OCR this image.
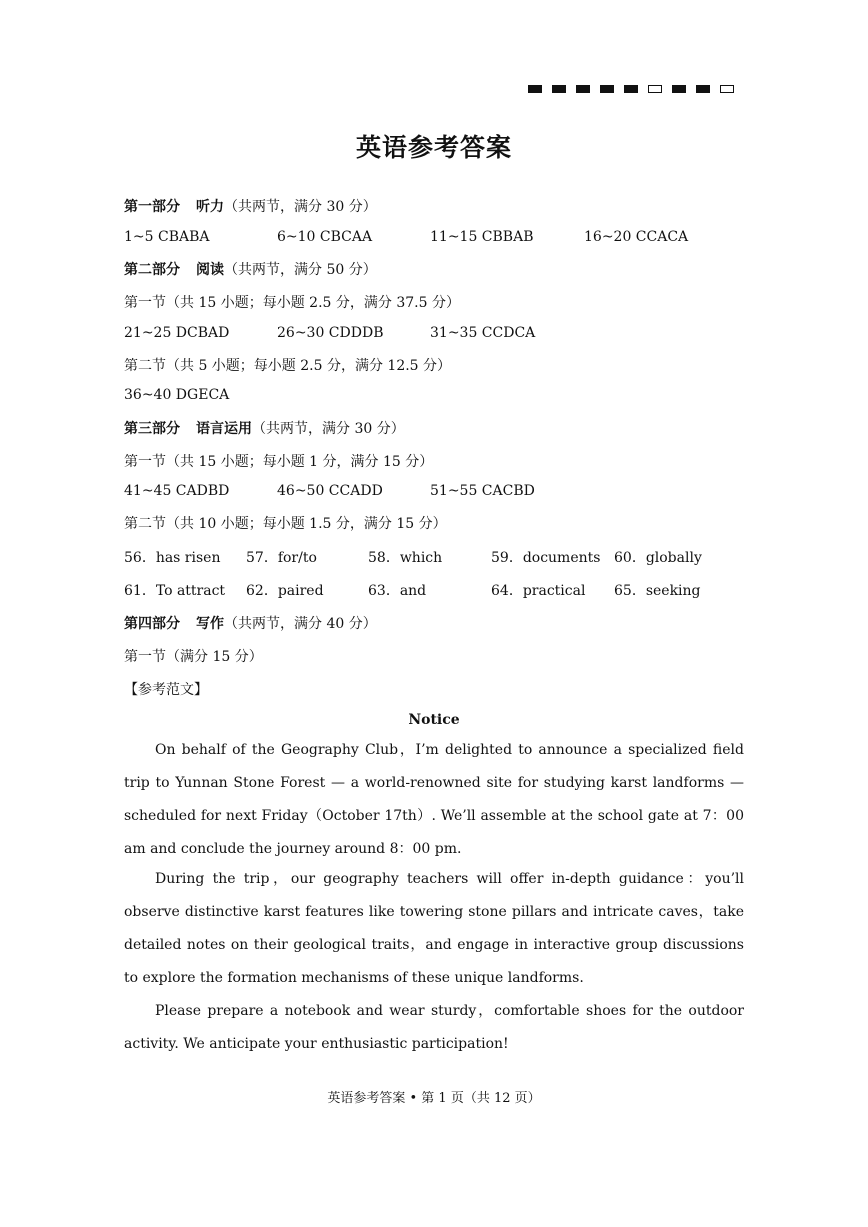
英语参考答案
第一部分 听力（共两节，满分 30 分）
1~5 CBABA	6~10 CBCAA	11~15 CBBAB	16~20 CCACA
第二部分 阅读（共两节，满分 50 分）
第一节（共 15 小题；每小题 2.5 分，满分 37.5 分）
21~25 DCBAD	26~30 CDDDB	31~35 CCDCA
第二节（共 5 小题；每小题 2.5 分，满分 12.5 分）
36~40 DGECA
第三部分 语言运用（共两节，满分 30 分）
第一节（共 15 小题；每小题 1 分，满分 15 分）
41~45 CADBD	46~50 CCADD	51~55 CACBD
第二节（共 10 小题；每小题 1.5 分，满分 15 分）
56．has risen 57．for/to	58．which	59．documents 60．globally
61．To attract 62．paired	63．and	64．practical 65．seeking
第四部分 写作（共两节，满分 40 分）
第一节（满分 15 分）
【参考范文】
Notice
On behalf of the Geography Club，I’m delighted to announce a specialized field trip to Yunnan Stone Forest — a world-renowned site for studying karst landforms — scheduled for next Friday（October 17th）. We’ll assemble at the school gate at 7：00 am and conclude the journey around 8：00 pm.
During the trip，our geography teachers will offer in-depth guidance：you’ll observe distinctive karst features like towering stone pillars and intricate caves，take detailed notes on their geological traits，and engage in interactive group discussions to explore the formation mechanisms of these unique landforms.
Please prepare a notebook and wear sturdy，comfortable shoes for the outdoor activity. We anticipate your enthusiastic participation!
英语参考答案 • 第 1 页（共 12 页）
